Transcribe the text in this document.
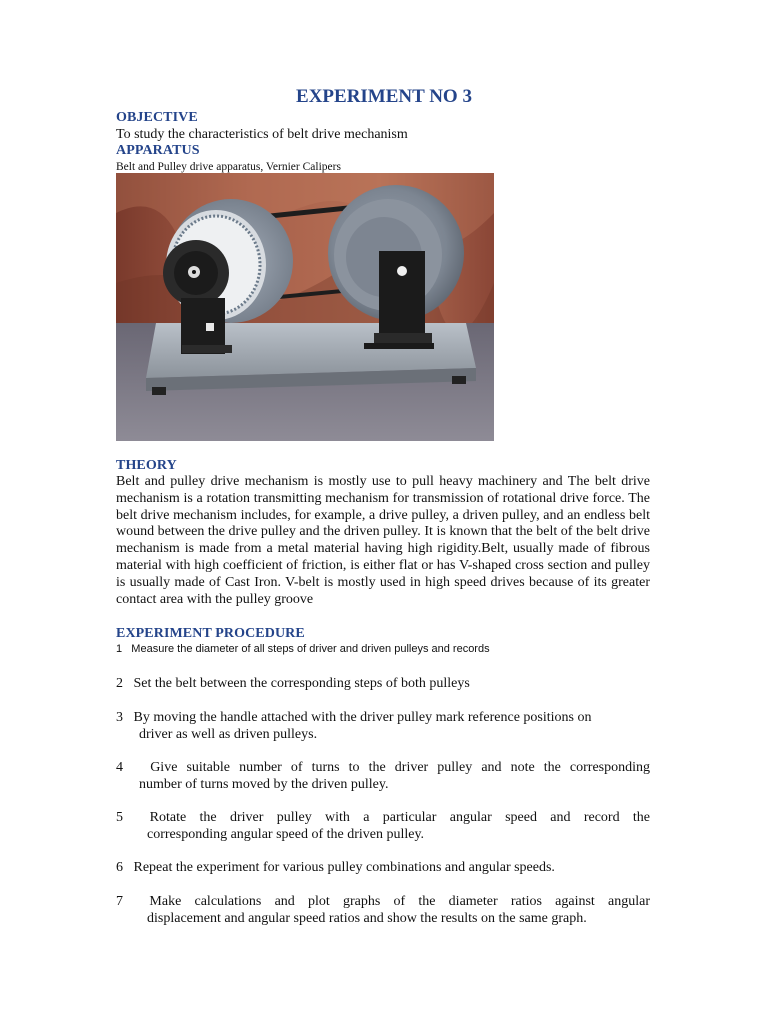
EXPERIMENT NO 3
OBJECTIVE
To study the characteristics of belt drive mechanism
APPARATUS
Belt and Pulley drive apparatus, Vernier Calipers
THEORY
Belt and pulley drive mechanism is mostly use to pull heavy machinery and The belt drive mechanism is a rotation transmitting mechanism for transmission of rotational drive force. The belt drive mechanism includes, for example, a drive pulley, a driven pulley, and an endless belt wound between the drive pulley and the driven pulley. It is known that the belt of the belt drive mechanism is made from a metal material having high rigidity.Belt, usually made of fibrous material with high coefficient of friction, is either flat or has V-shaped cross section and pulley is usually made of Cast Iron. V-belt is mostly used in high speed drives because of its greater contact area with the pulley groove
EXPERIMENT PROCEDURE
1 Measure the diameter of all steps of driver and driven pulleys and records
2 Set the belt between the corresponding steps of both pulleys
3 By moving the handle attached with the driver pulley mark reference positions on
driver as well as driven pulleys.
4 Give suitable number of turns to the driver pulley and note the corresponding
number of turns moved by the driven pulley.
5 Rotate the driver pulley with a particular angular speed and record the
corresponding angular speed of the driven pulley.
6 Repeat the experiment for various pulley combinations and angular speeds.
7 Make calculations and plot graphs of the diameter ratios against angular
displacement and angular speed ratios and show the results on the same graph.
